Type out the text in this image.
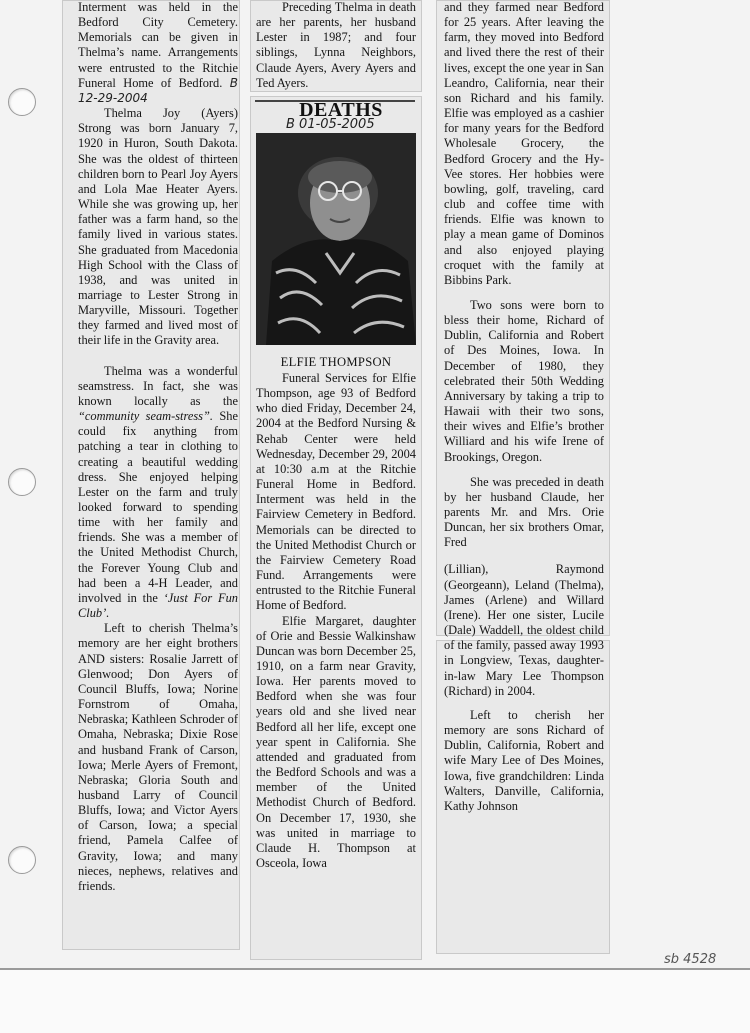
Interment was held in the Bedford City Cemetery. Memorials can be given in Thelma’s name. Arrangements were entrusted to the Ritchie Funeral Home of Bedford. B 12-29-2004

Thelma Joy (Ayers) Strong was born January 7, 1920 in Huron, South Dakota. She was the oldest of thirteen children born to Pearl Joy Ayers and Lola Mae Heater Ayers. While she was growing up, her father was a farm hand, so the family lived in various states. She graduated from Macedonia High School with the Class of 1938, and was united in marriage to Lester Strong in Maryville, Missouri. Together they farmed and lived most of their life in the Gravity area.

Thelma was a wonderful seamstress. In fact, she was known locally as the “community seam-stress”. She could fix anything from patching a tear in clothing to creating a beautiful wedding dress. She enjoyed helping Lester on the farm and truly looked forward to spending time with her family and friends. She was a member of the United Methodist Church, the Forever Young Club and had been a 4-H Leader, and involved in the ‘Just For Fun Club’.

Left to cherish Thelma’s memory are her eight brothers AND sisters: Rosalie Jarrett of Glenwood; Don Ayers of Council Bluffs, Iowa; Norine Fornstrom of Omaha, Nebraska; Kathleen Schroder of Omaha, Nebraska; Dixie Rose and husband Frank of Carson, Iowa; Merle Ayers of Fremont, Nebraska; Gloria South and husband Larry of Council Bluffs, Iowa; and Victor Ayers of Carson, Iowa; a special friend, Pamela Calfee of Gravity, Iowa; and many nieces, nephews, relatives and friends.

Preceding Thelma in death are her parents, her husband Lester in 1987; and four siblings, Lynna Neighbors, Claude Ayers, Avery Ayers and Ted Ayers.

DEATHS
B 01-05-2005
ELFIE THOMPSON

Funeral Services for Elfie Thompson, age 93 of Bedford who died Friday, December 24, 2004 at the Bedford Nursing & Rehab Center were held Wednesday, December 29, 2004 at 10:30 a.m at the Ritchie Funeral Home in Bedford. Interment was held in the Fairview Cemetery in Bedford. Memorials can be directed to the United Methodist Church or the Fairview Cemetery Road Fund. Arrangements were entrusted to the Ritchie Funeral Home of Bedford.

Elfie Margaret, daughter of Orie and Bessie Walkinshaw Duncan was born December 25, 1910, on a farm near Gravity, Iowa. Her parents moved to Bedford when she was four years old and she lived near Bedford all her life, except one year spent in California. She attended and graduated from the Bedford Schools and was a member of the United Methodist Church of Bedford. On December 17, 1930, she was united in marriage to Claude H. Thompson at Osceola, Iowa

and they farmed near Bedford for 25 years. After leaving the farm, they moved into Bedford and lived there the rest of their lives, except the one year in San Leandro, California, near their son Richard and his family. Elfie was employed as a cashier for many years for the Bedford Wholesale Grocery, the Bedford Grocery and the Hy-Vee stores. Her hobbies were bowling, golf, traveling, card club and coffee time with friends. Elfie was known to play a mean game of Dominos and also enjoyed playing croquet with the family at Bibbins Park.

Two sons were born to bless their home, Richard of Dublin, California and Robert of Des Moines, Iowa. In December of 1980, they celebrated their 50th Wedding Anniversary by taking a trip to Hawaii with their two sons, their wives and Elfie’s brother Williard and his wife Irene of Brookings, Oregon.

She was preceded in death by her husband Claude, her parents Mr. and Mrs. Orie Duncan, her six brothers Omar, Fred

(Lillian), Raymond (Georgeann), Leland (Thelma), James (Arlene) and Willard (Irene). Her one sister, Lucile (Dale) Waddell, the oldest child of the family, passed away 1993 in Longview, Texas, daughter-in-law Mary Lee Thompson (Richard) in 2004.

Left to cherish her memory are sons Richard of Dublin, California, Robert and wife Mary Lee of Des Moines, Iowa, five grandchildren: Linda Walters, Danville, California, Kathy Johnson

sb 4528
